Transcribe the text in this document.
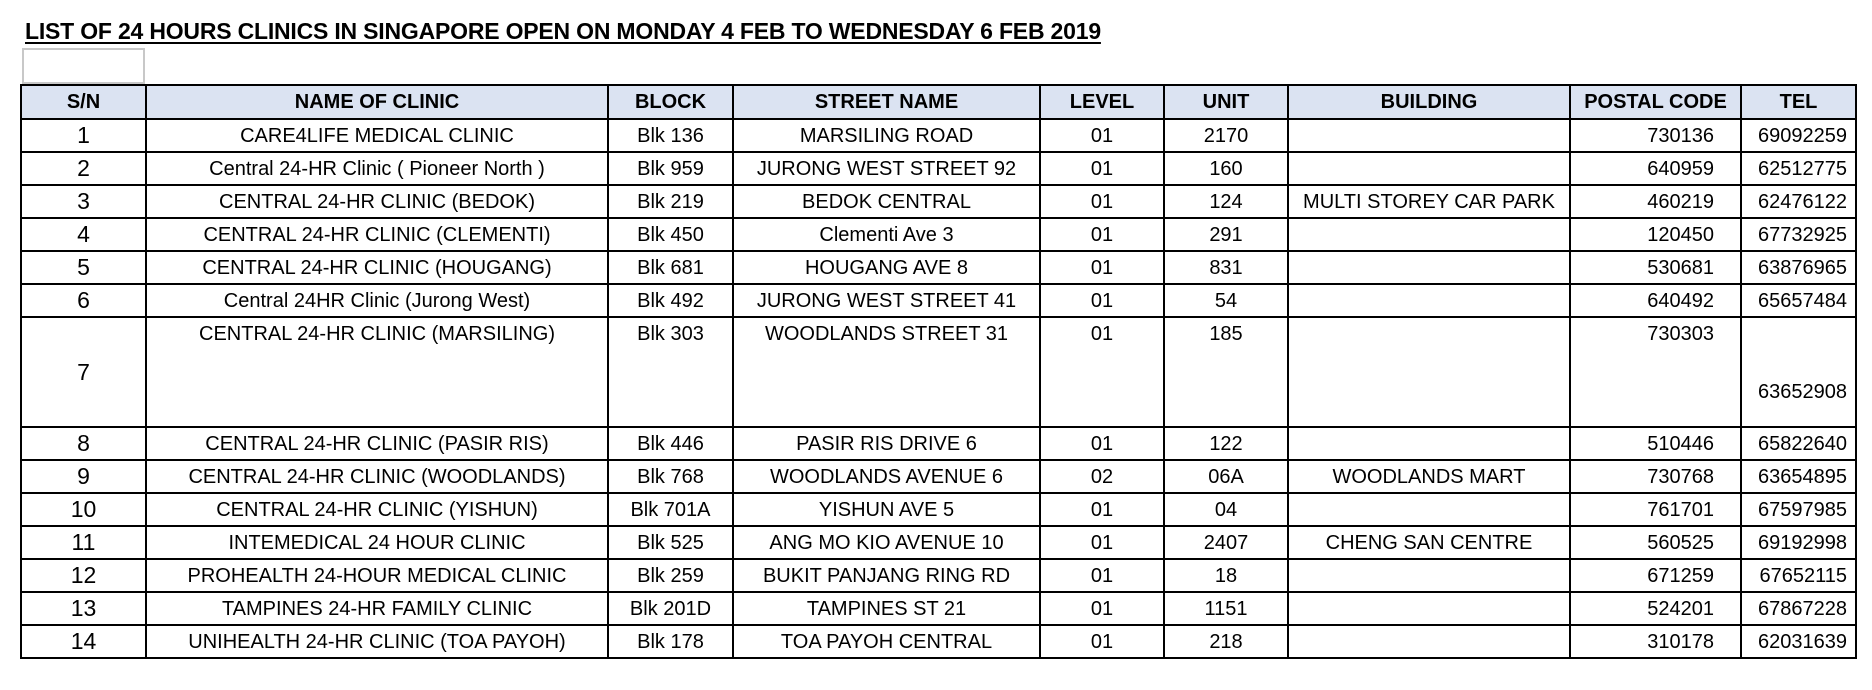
LIST OF 24 HOURS CLINICS IN SINGAPORE OPEN ON MONDAY 4 FEB TO WEDNESDAY 6 FEB 2019
S/N	NAME OF CLINIC	BLOCK	STREET NAME	LEVEL	UNIT	BUILDING	POSTAL CODE	TEL
1	CARE4LIFE MEDICAL CLINIC	Blk 136	MARSILING ROAD	01	2170		730136	69092259
2	Central 24-HR Clinic ( Pioneer North )	Blk 959	JURONG WEST STREET 92	01	160		640959	62512775
3	CENTRAL 24-HR CLINIC (BEDOK)	Blk 219	BEDOK CENTRAL	01	124	MULTI STOREY CAR PARK	460219	62476122
4	CENTRAL 24-HR CLINIC (CLEMENTI)	Blk 450	Clementi Ave 3	01	291		120450	67732925
5	CENTRAL 24-HR CLINIC (HOUGANG)	Blk 681	HOUGANG AVE 8	01	831		530681	63876965
6	Central 24HR Clinic (Jurong West)	Blk 492	JURONG WEST STREET 41	01	54		640492	65657484
7	CENTRAL 24-HR CLINIC (MARSILING)	Blk 303	WOODLANDS STREET 31	01	185		730303	63652908
8	CENTRAL 24-HR CLINIC (PASIR RIS)	Blk 446	PASIR RIS DRIVE 6	01	122		510446	65822640
9	CENTRAL 24-HR CLINIC (WOODLANDS)	Blk 768	WOODLANDS AVENUE 6	02	06A	WOODLANDS MART	730768	63654895
10	CENTRAL 24-HR CLINIC (YISHUN)	Blk 701A	YISHUN AVE 5	01	04		761701	67597985
11	INTEMEDICAL 24 HOUR CLINIC	Blk 525	ANG MO KIO AVENUE 10	01	2407	CHENG SAN CENTRE	560525	69192998
12	PROHEALTH 24-HOUR MEDICAL CLINIC	Blk 259	BUKIT PANJANG RING RD	01	18		671259	67652115
13	TAMPINES 24-HR FAMILY CLINIC	Blk 201D	TAMPINES ST 21	01	1151		524201	67867228
14	UNIHEALTH 24-HR CLINIC (TOA PAYOH)	Blk 178	TOA PAYOH CENTRAL	01	218		310178	62031639
